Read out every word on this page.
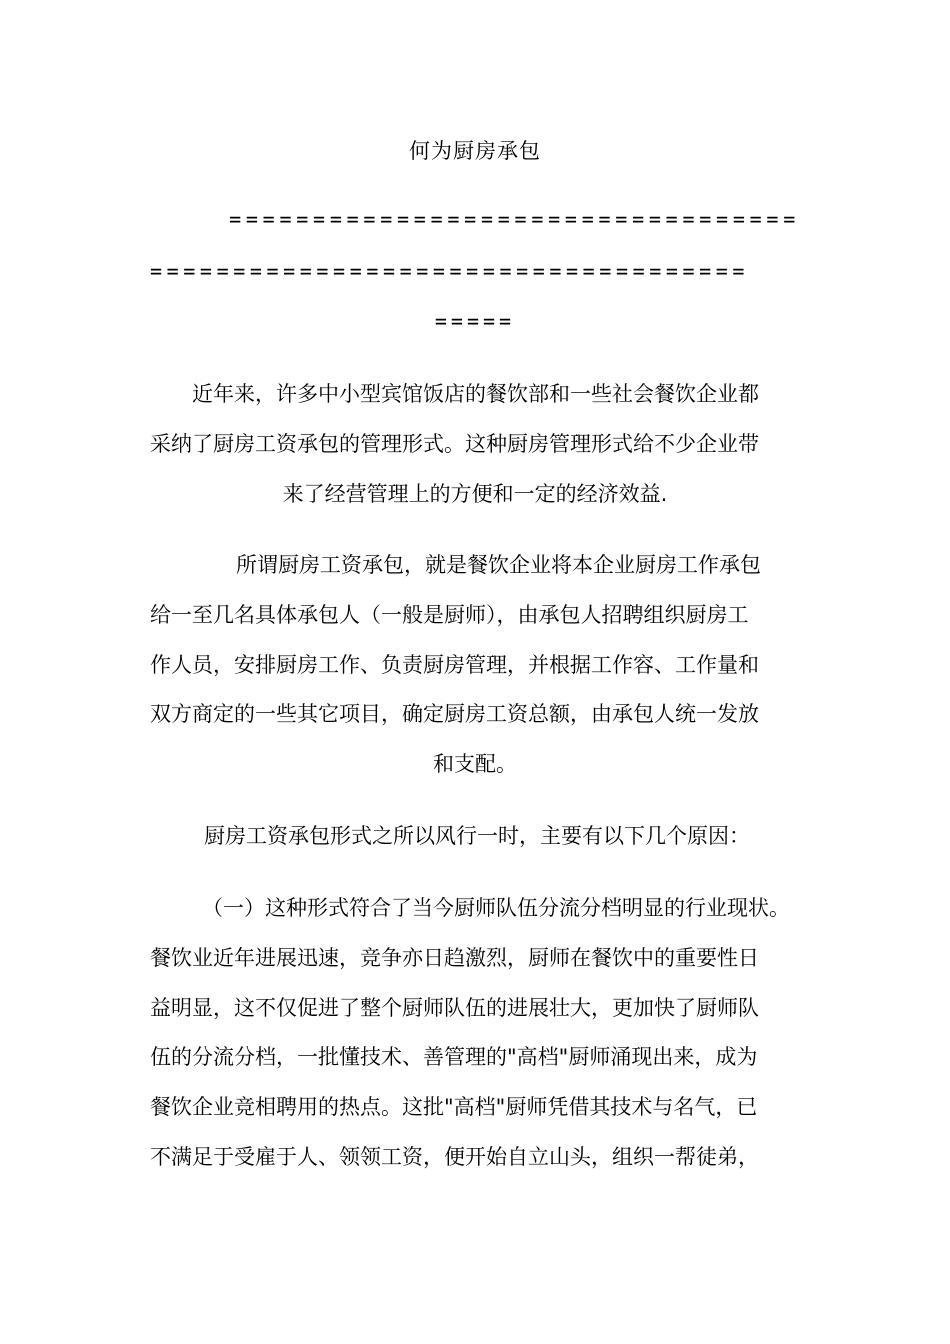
何为厨房承包
==================================
====================================
=====
近年来，许多中小型宾馆饭店的餐饮部和一些社会餐饮企业都
采纳了厨房工资承包的管理形式。这种厨房管理形式给不少企业带
来了经营管理上的方便和一定的经济效益.
所谓厨房工资承包，就是餐饮企业将本企业厨房工作承包
给一至几名具体承包人（一般是厨师），由承包人招聘组织厨房工
作人员，安排厨房工作、负责厨房管理，并根据工作容、工作量和
双方商定的一些其它项目，确定厨房工资总额，由承包人统一发放
和支配。
厨房工资承包形式之所以风行一时，主要有以下几个原因：
（一）这种形式符合了当今厨师队伍分流分档明显的行业现状。
餐饮业近年进展迅速，竞争亦日趋激烈，厨师在餐饮中的重要性日
益明显，这不仅促进了整个厨师队伍的进展壮大，更加快了厨师队
伍的分流分档，一批懂技术、善管理的"高档"厨师涌现出来，成为
餐饮企业竞相聘用的热点。这批"高档"厨师凭借其技术与名气，已
不满足于受雇于人、领领工资，便开始自立山头，组织一帮徒弟，
